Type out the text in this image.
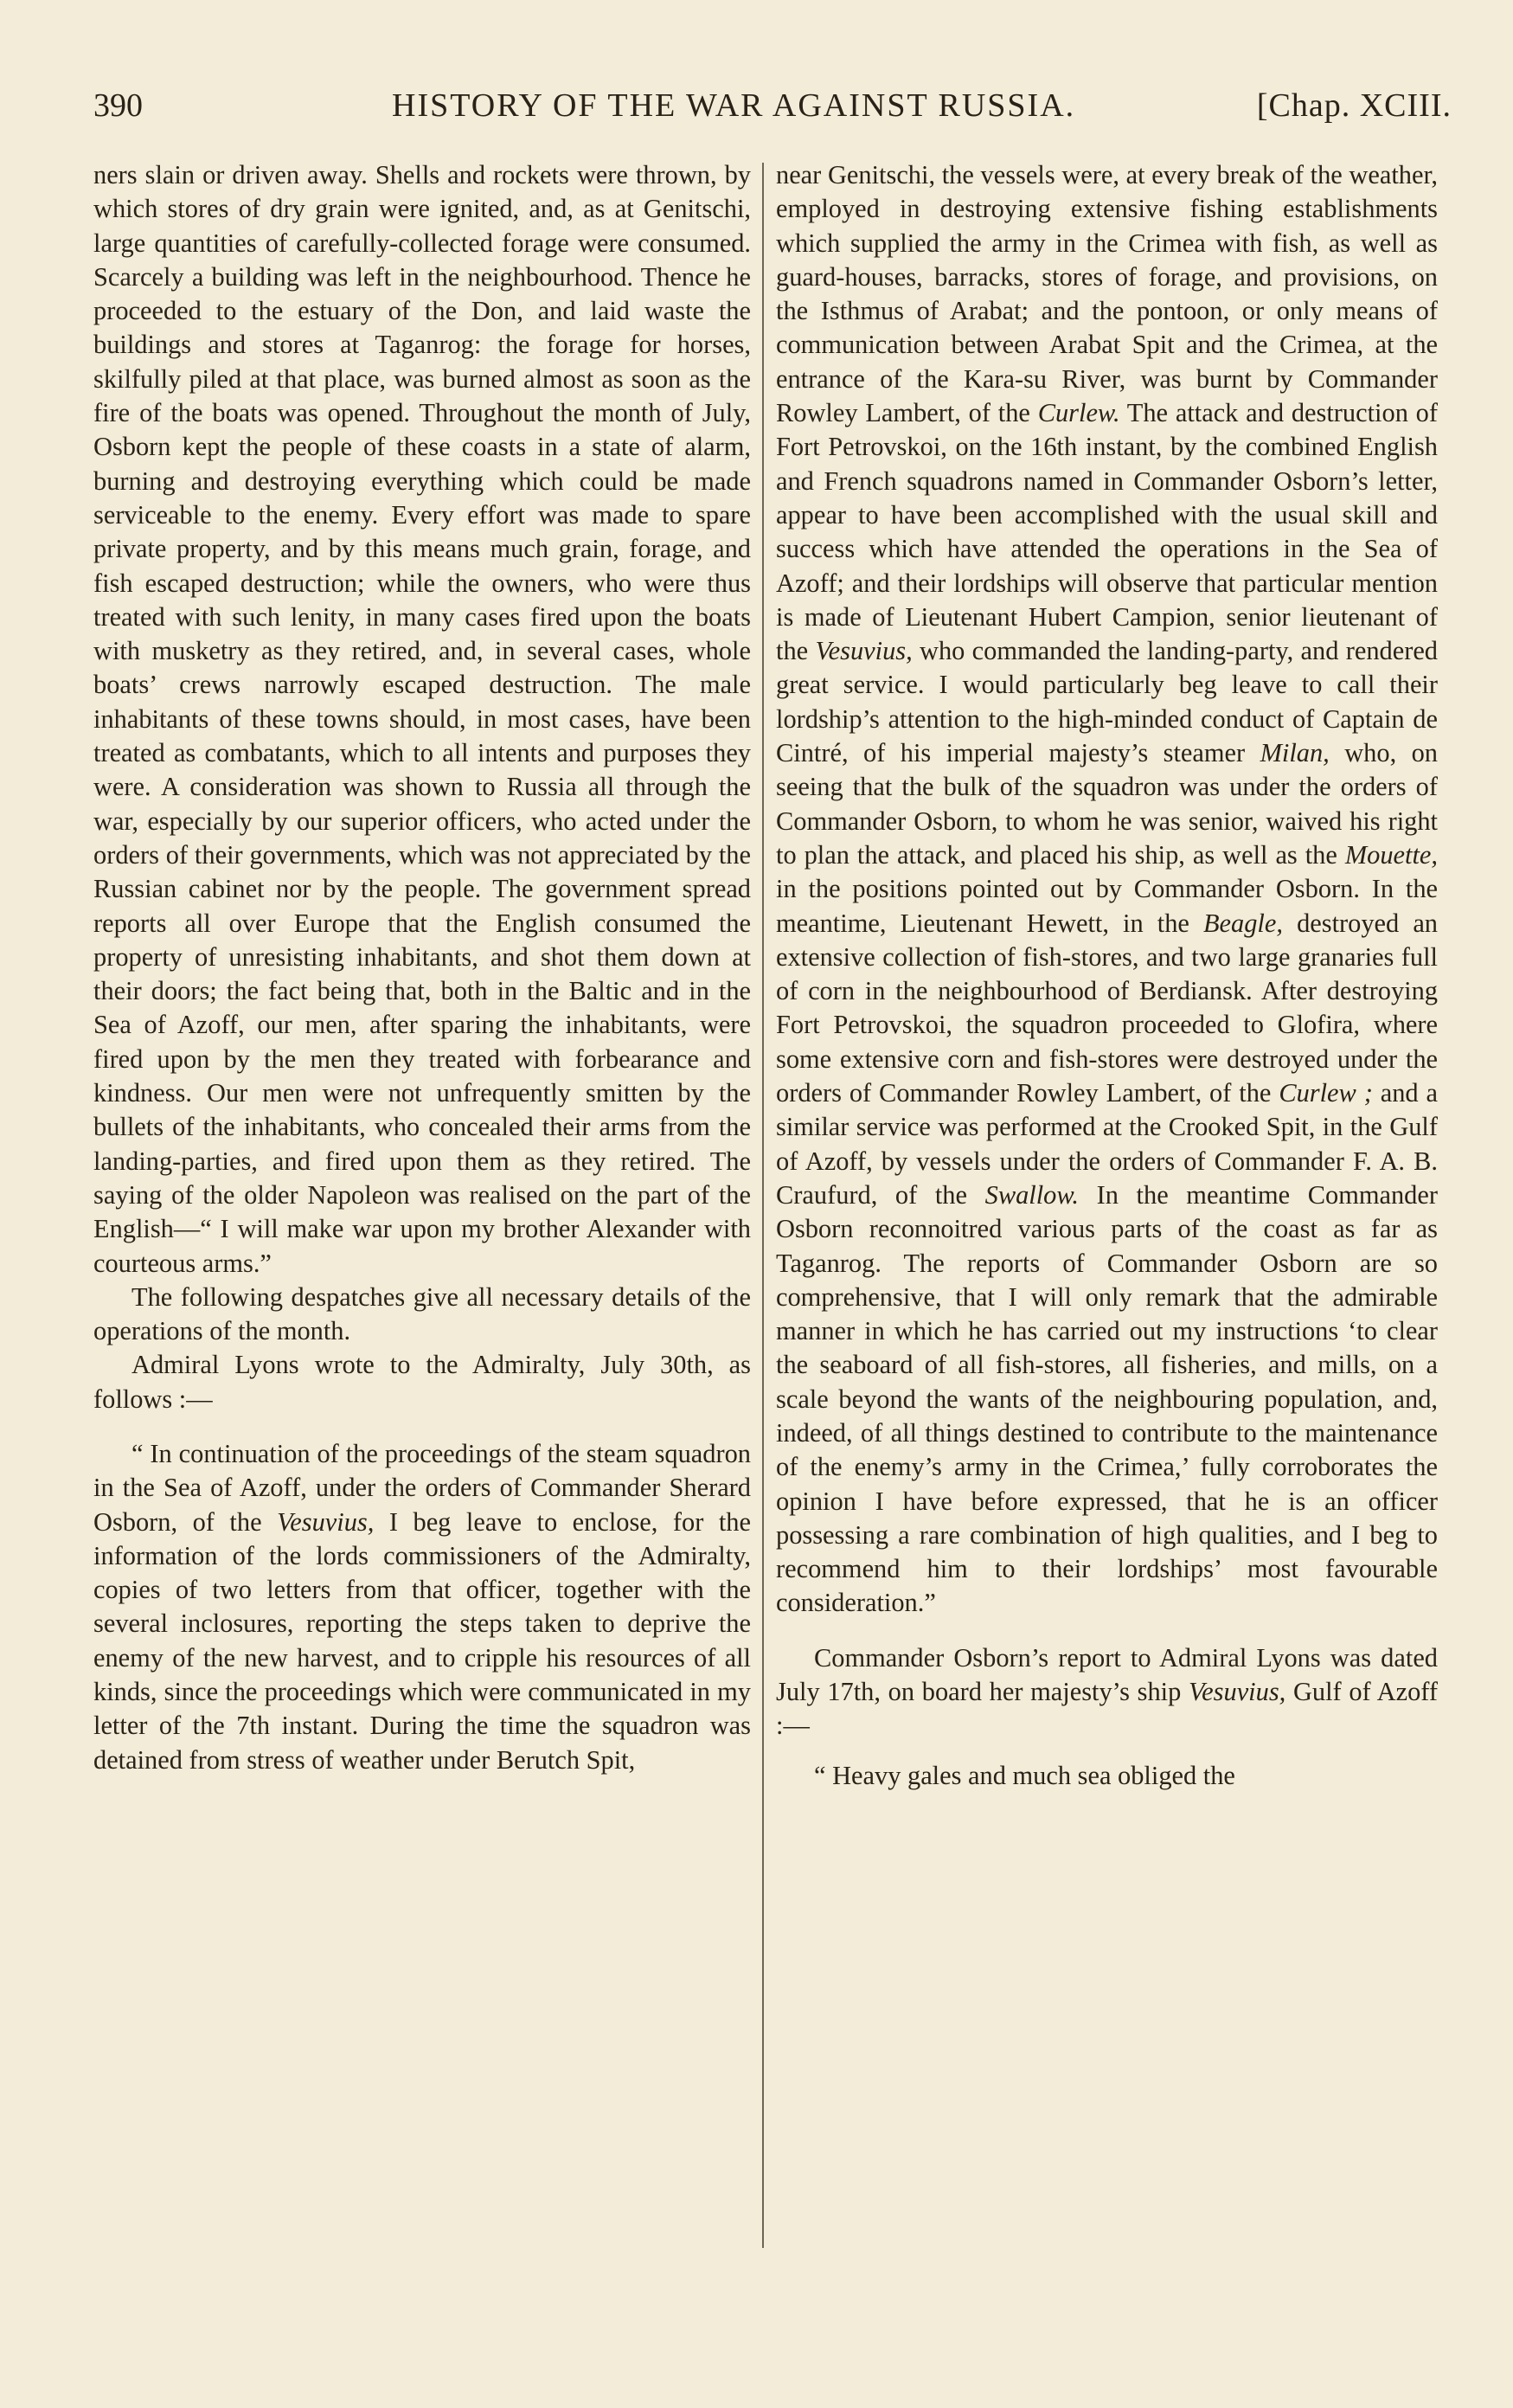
390	HISTORY OF THE WAR AGAINST RUSSIA.	[Chap. XCIII.

ners slain or driven away. Shells and rockets were thrown, by which stores of dry grain were ignited, and, as at Genitschi, large quantities of carefully-collected forage were consumed. Scarcely a building was left in the neighbourhood. Thence he proceeded to the estuary of the Don, and laid waste the buildings and stores at Taganrog: the forage for horses, skilfully piled at that place, was burned almost as soon as the fire of the boats was opened. Throughout the month of July, Osborn kept the people of these coasts in a state of alarm, burning and destroying everything which could be made serviceable to the enemy. Every effort was made to spare private property, and by this means much grain, forage, and fish escaped destruction; while the owners, who were thus treated with such lenity, in many cases fired upon the boats with musketry as they retired, and, in several cases, whole boats’ crews narrowly escaped destruction. The male inhabitants of these towns should, in most cases, have been treated as combatants, which to all intents and purposes they were. A consideration was shown to Russia all through the war, especially by our superior officers, who acted under the orders of their governments, which was not appreciated by the Russian cabinet nor by the people. The government spread reports all over Europe that the English consumed the property of unresisting inhabitants, and shot them down at their doors; the fact being that, both in the Baltic and in the Sea of Azoff, our men, after sparing the inhabitants, were fired upon by the men they treated with forbearance and kindness. Our men were not unfrequently smitten by the bullets of the inhabitants, who concealed their arms from the landing-parties, and fired upon them as they retired. The saying of the older Napoleon was realised on the part of the English—“ I will make war upon my brother Alexander with courteous arms.”

The following despatches give all necessary details of the operations of the month.

Admiral Lyons wrote to the Admiralty, July 30th, as follows :—

“ In continuation of the proceedings of the steam squadron in the Sea of Azoff, under the orders of Commander Sherard Osborn, of the Vesuvius, I beg leave to enclose, for the information of the lords commissioners of the Admiralty, copies of two letters from that officer, together with the several inclosures, reporting the steps taken to deprive the enemy of the new harvest, and to cripple his resources of all kinds, since the proceedings which were communicated in my letter of the 7th instant. During the time the squadron was detained from stress of weather under Berutch Spit,

near Genitschi, the vessels were, at every break of the weather, employed in destroying extensive fishing establishments which supplied the army in the Crimea with fish, as well as guard-houses, barracks, stores of forage, and provisions, on the Isthmus of Arabat; and the pontoon, or only means of communication between Arabat Spit and the Crimea, at the entrance of the Kara-su River, was burnt by Commander Rowley Lambert, of the Curlew. The attack and destruction of Fort Petrovskoi, on the 16th instant, by the combined English and French squadrons named in Commander Osborn’s letter, appear to have been accomplished with the usual skill and success which have attended the operations in the Sea of Azoff; and their lordships will observe that particular mention is made of Lieutenant Hubert Campion, senior lieutenant of the Vesuvius, who commanded the landing-party, and rendered great service. I would particularly beg leave to call their lordship’s attention to the high-minded conduct of Captain de Cintré, of his imperial majesty’s steamer Milan, who, on seeing that the bulk of the squadron was under the orders of Commander Osborn, to whom he was senior, waived his right to plan the attack, and placed his ship, as well as the Mouette, in the positions pointed out by Commander Osborn. In the meantime, Lieutenant Hewett, in the Beagle, destroyed an extensive collection of fish-stores, and two large granaries full of corn in the neighbourhood of Berdiansk. After destroying Fort Petrovskoi, the squadron proceeded to Glofira, where some extensive corn and fish-stores were destroyed under the orders of Commander Rowley Lambert, of the Curlew ; and a similar service was performed at the Crooked Spit, in the Gulf of Azoff, by vessels under the orders of Commander F. A. B. Craufurd, of the Swallow. In the meantime Commander Osborn reconnoitred various parts of the coast as far as Taganrog. The reports of Commander Osborn are so comprehensive, that I will only remark that the admirable manner in which he has carried out my instructions ‘to clear the seaboard of all fish-stores, all fisheries, and mills, on a scale beyond the wants of the neighbouring population, and, indeed, of all things destined to contribute to the maintenance of the enemy’s army in the Crimea,’ fully corroborates the opinion I have before expressed, that he is an officer possessing a rare combination of high qualities, and I beg to recommend him to their lordships’ most favourable consideration.”

Commander Osborn’s report to Admiral Lyons was dated July 17th, on board her majesty’s ship Vesuvius, Gulf of Azoff :—

“ Heavy gales and much sea obliged the
